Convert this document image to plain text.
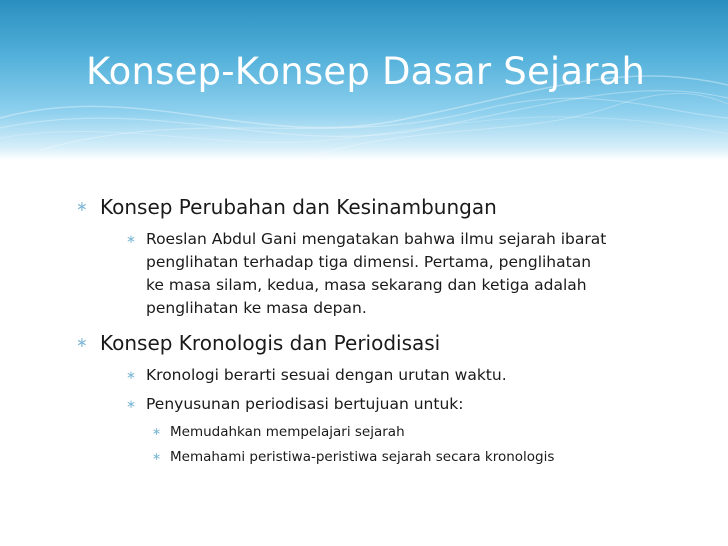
Konsep-Konsep Dasar Sejarah
∗ Konsep Perubahan dan Kesinambungan
∗ Roeslan Abdul Gani mengatakan bahwa ilmu sejarah ibarat
penglihatan terhadap tiga dimensi. Pertama, penglihatan
ke masa silam, kedua, masa sekarang dan ketiga adalah
penglihatan ke masa depan.
∗ Konsep Kronologis dan Periodisasi
∗ Kronologi berarti sesuai dengan urutan waktu.
∗ Penyusunan periodisasi bertujuan untuk:
∗ Memudahkan mempelajari sejarah
∗ Memahami peristiwa-peristiwa sejarah secara kronologis
